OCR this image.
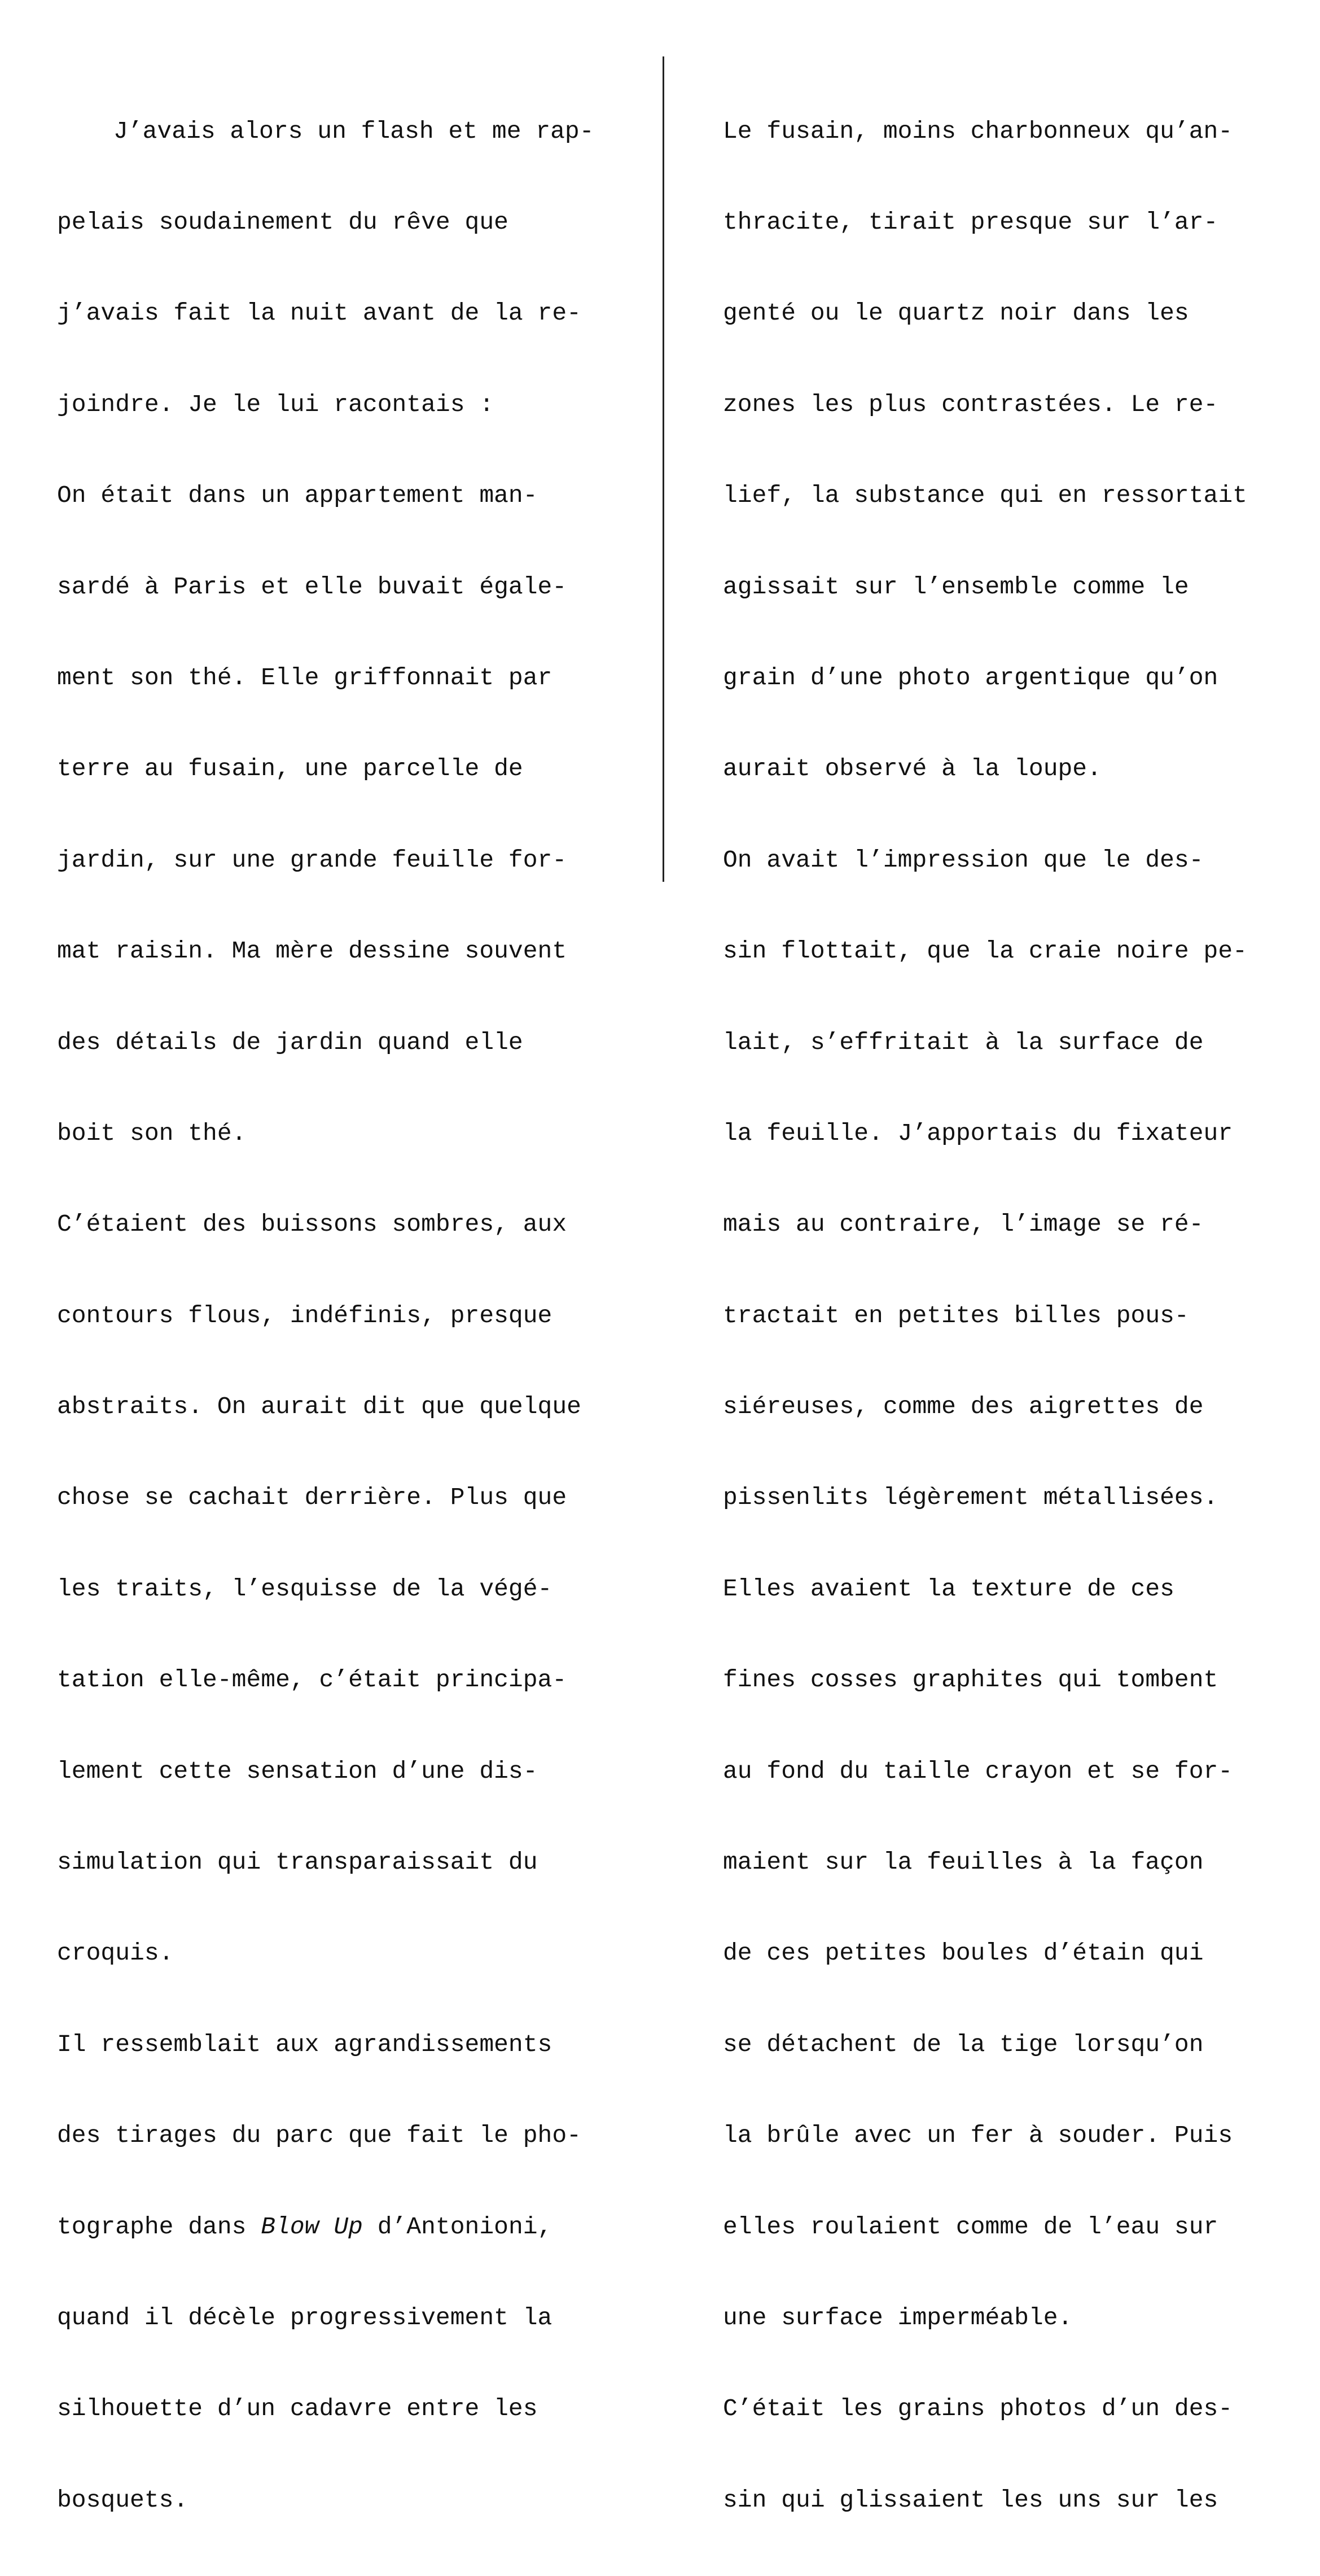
J’avais alors un flash et me rap-

pelais soudainement du rêve que

j’avais fait la nuit avant de la re-

joindre. Je le lui racontais :

On était dans un appartement man-

sardé à Paris et elle buvait égale-

ment son thé. Elle griffonnait par

terre au fusain, une parcelle de

jardin, sur une grande feuille for-

mat raisin. Ma mère dessine souvent

des détails de jardin quand elle

boit son thé.

C’étaient des buissons sombres, aux

contours flous, indéfinis, presque

abstraits. On aurait dit que quelque

chose se cachait derrière. Plus que

les traits, l’esquisse de la végé-

tation elle-même, c’était principa-

lement cette sensation d’une dis-

simulation qui transparaissait du

croquis.

Il ressemblait aux agrandissements

des tirages du parc que fait le pho-

tographe dans Blow Up d’Antonioni,

quand il décèle progressivement la

silhouette d’un cadavre entre les

bosquets.

Le fusain, moins charbonneux qu’an-

thracite, tirait presque sur l’ar-

genté ou le quartz noir dans les

zones les plus contrastées. Le re-

lief, la substance qui en ressortait

agissait sur l’ensemble comme le

grain d’une photo argentique qu’on

aurait observé à la loupe.

On avait l’impression que le des-

sin flottait, que la craie noire pe-

lait, s’effritait à la surface de

la feuille. J’apportais du fixateur

mais au contraire, l’image se ré-

tractait en petites billes pous-

siéreuses, comme des aigrettes de

pissenlits légèrement métallisées.

Elles avaient la texture de ces

fines cosses graphites qui tombent

au fond du taille crayon et se for-

maient sur la feuilles à la façon

de ces petites boules d’étain qui

se détachent de la tige lorsqu’on

la brûle avec un fer à souder. Puis

elles roulaient comme de l’eau sur

une surface imperméable.

C’était les grains photos d’un des-

sin qui glissaient les uns sur les
